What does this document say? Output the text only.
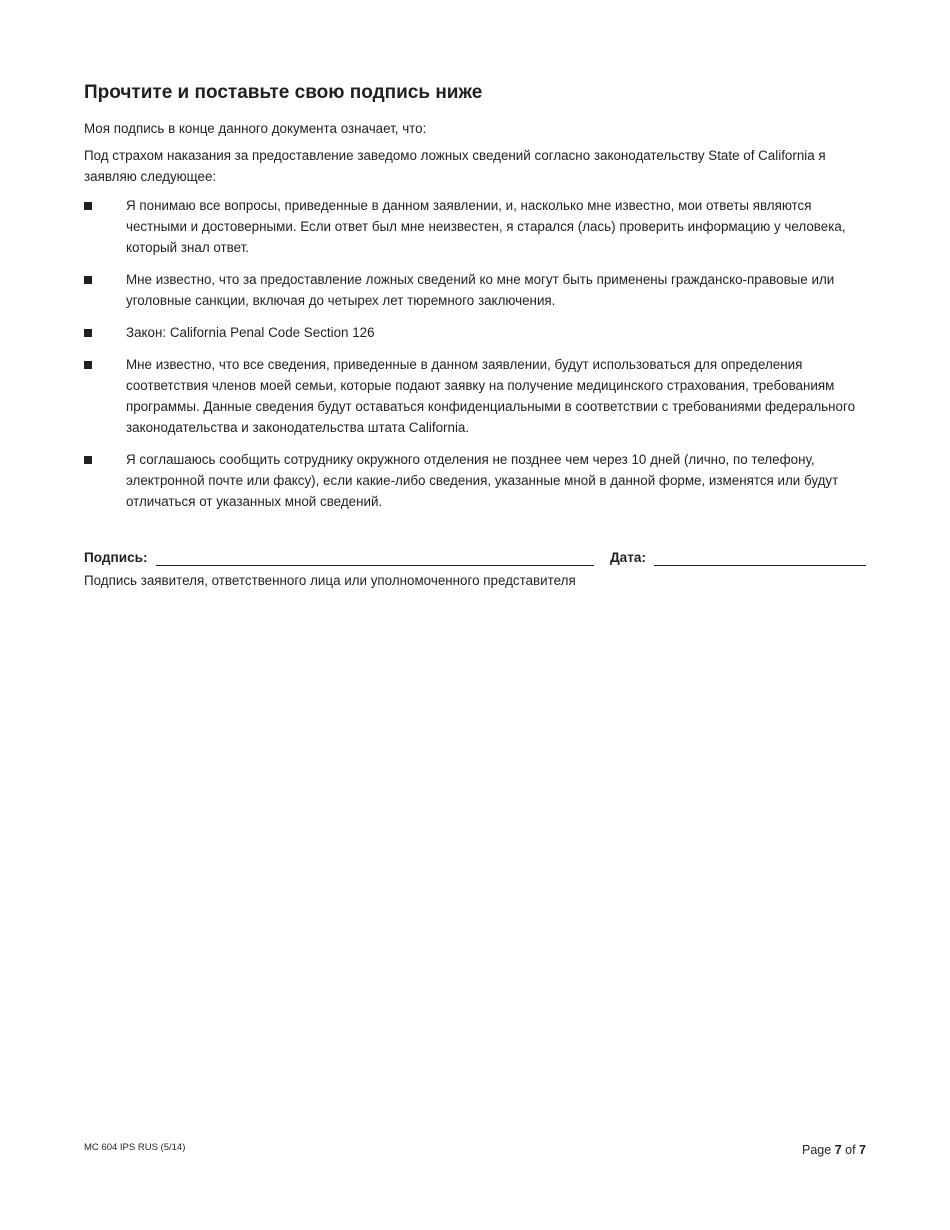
Прочтите и поставьте свою подпись ниже

Моя подпись в конце данного документа означает, что:

Под страхом наказания за предоставление заведомо ложных сведений согласно законодательству State of California я заявляю следующее:

Я понимаю все вопросы, приведенные в данном заявлении, и, насколько мне известно, мои ответы являются честными и достоверными. Если ответ был мне неизвестен, я старался (лась) проверить информацию у человека, который знал ответ.
Мне известно, что за предоставление ложных сведений ко мне могут быть применены гражданско-правовые или уголовные санкции, включая до четырех лет тюремного заключения.
Закон: California Penal Code Section 126
Мне известно, что все сведения, приведенные в данном заявлении, будут использоваться для определения соответствия членов моей семьи, которые подают заявку на получение медицинского страхования, требованиям программы. Данные сведения будут оставаться конфиденциальными в соответствии с требованиями федерального законодательства и законодательства штата California.
Я соглашаюсь сообщить сотруднику окружного отделения не позднее чем через 10 дней (лично, по телефону, электронной почте или факсу), если какие-либо сведения, указанные мной в данной форме, изменятся или будут отличаться от указанных мной сведений.
Подпись:	Дата:
Подпись заявителя, ответственного лица или уполномоченного представителя
MC 604 IPS RUS (5/14)	Page 7 of 7
